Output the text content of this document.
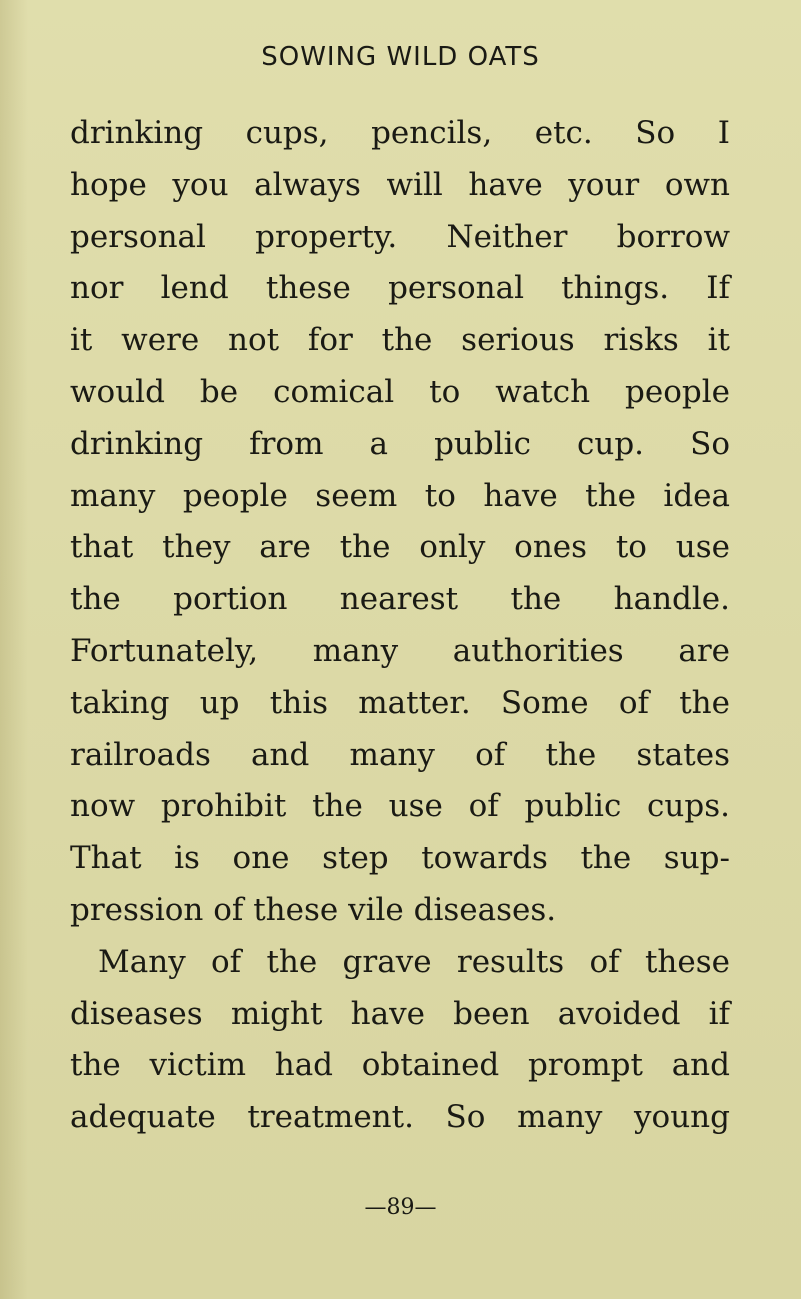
SOWING WILD OATS
drinking cups, pencils, etc. So I
hope you always will have your own
personal property. Neither borrow
nor lend these personal things. If
it were not for the serious risks it
would be comical to watch people
drinking from a public cup. So
many people seem to have the idea
that they are the only ones to use
the portion nearest the handle.
Fortunately, many authorities are
taking up this matter. Some of the
railroads and many of the states
now prohibit the use of public cups.
That is one step towards the sup-
pression of these vile diseases.
Many of the grave results of these
diseases might have been avoided if
the victim had obtained prompt and
adequate treatment. So many young
—89—
